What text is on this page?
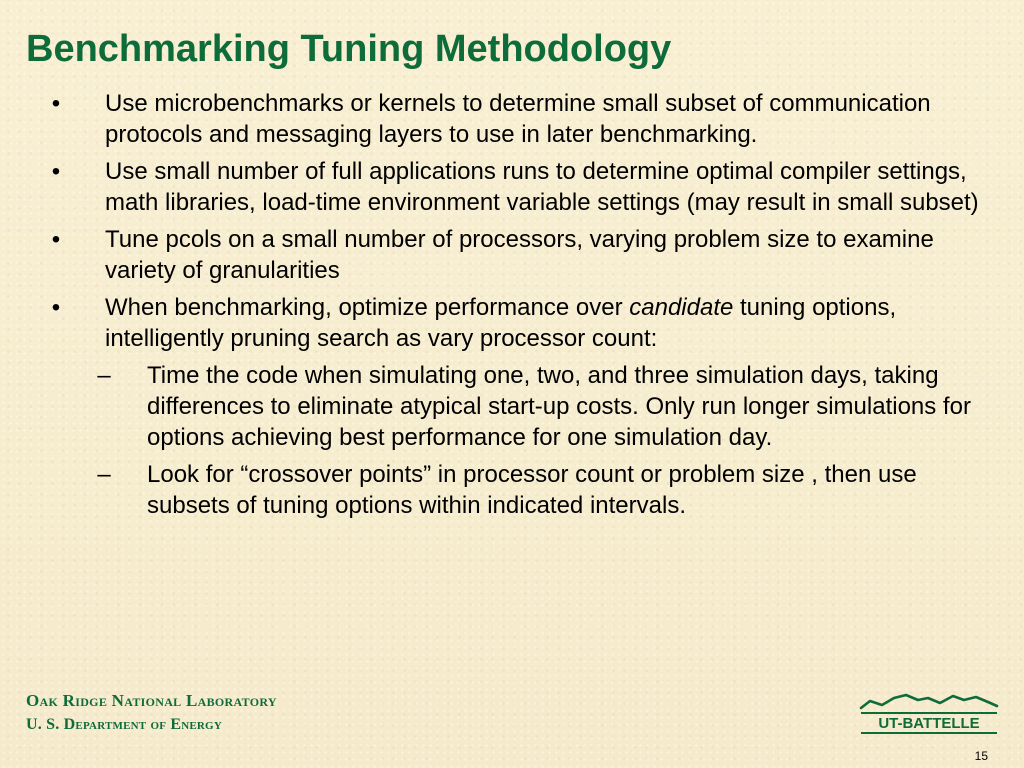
Benchmarking Tuning Methodology
• Use microbenchmarks or kernels to determine small subset of communication protocols and messaging layers to use in later benchmarking.
• Use small number of full applications runs to determine optimal compiler settings, math libraries, load-time environment variable settings (may result in small subset)
• Tune pcols on a small number of processors, varying problem size to examine variety of granularities
• When benchmarking, optimize performance over candidate tuning options, intelligently pruning search as vary processor count:
– Time the code when simulating one, two, and three simulation days, taking differences to eliminate atypical start-up costs. Only run longer simulations for options achieving best performance for one simulation day.
– Look for “crossover points” in processor count or problem size , then use subsets of tuning options within indicated intervals.
Oak Ridge National Laboratory
U. S. Department of Energy	UT-BATTELLE
15
